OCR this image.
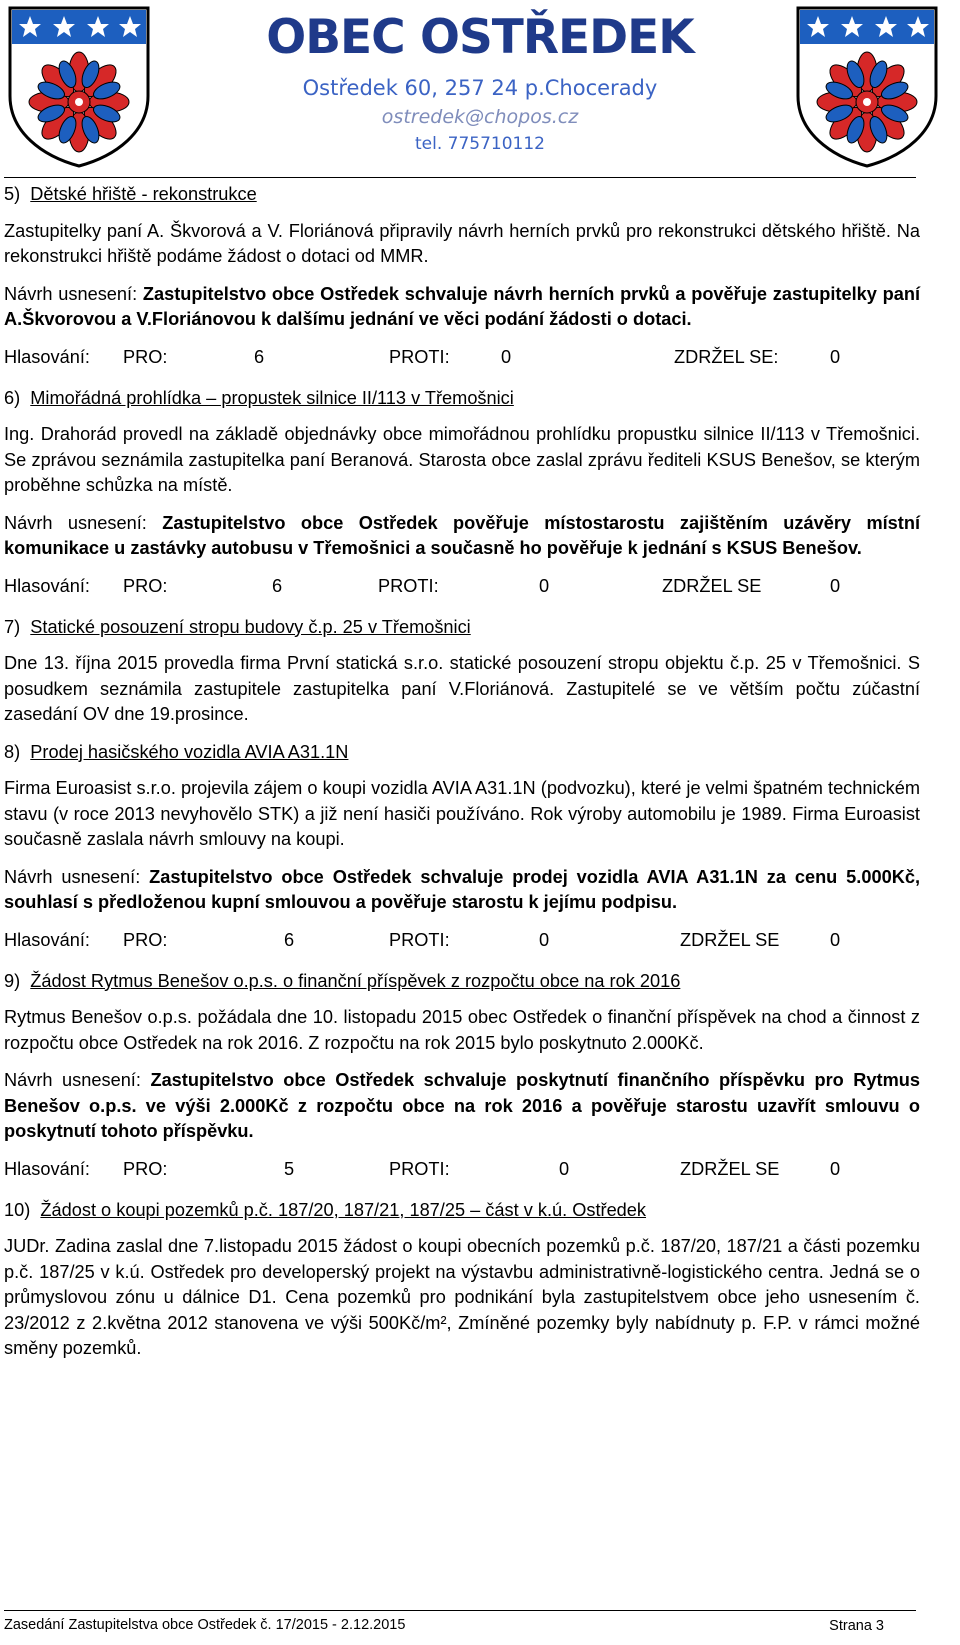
OBEC OSTŘEDEK
Ostředek 60, 257 24 p.Chocerady
ostredek@chopos.cz
tel. 775710112
5) Dětské hřiště - rekonstrukce

Zastupitelky paní A. Škvorová a V. Floriánová připravily návrh herních prvků pro rekonstrukci dětského hřiště. Na rekonstrukci hřiště podáme žádost o dotaci od MMR.

Návrh usnesení: Zastupitelstvo obce Ostředek schvaluje návrh herních prvků a pověřuje zastupitelky paní A.Škvorovou a V.Floriánovou k dalšímu jednání ve věci podání žádosti o dotaci.

Hlasování: PRO:	6	PROTI:	0	ZDRŽEL SE:	0
6) Mimořádná prohlídka – propustek silnice II/113 v Třemošnici

Ing. Drahorád provedl na základě objednávky obce mimořádnou prohlídku propustku silnice II/113 v Třemošnici. Se zprávou seznámila zastupitelka paní Beranová. Starosta obce zaslal zprávu řediteli KSUS Benešov, se kterým proběhne schůzka na místě.

Návrh usnesení: Zastupitelstvo obce Ostředek pověřuje místostarostu zajištěním uzávěry místní komunikace u zastávky autobusu v Třemošnici a současně ho pověřuje k jednání s KSUS Benešov.

Hlasování: PRO:	6	PROTI:	0	ZDRŽEL SE	0
7) Statické posouzení stropu budovy č.p. 25 v Třemošnici

Dne 13. října 2015 provedla firma První statická s.r.o. statické posouzení stropu objektu č.p. 25 v Třemošnici. S posudkem seznámila zastupitele zastupitelka paní V.Floriánová. Zastupitelé se ve větším počtu zúčastní zasedání OV dne 19.prosince.

8) Prodej hasičského vozidla AVIA A31.1N

Firma Euroasist s.r.o. projevila zájem o koupi vozidla AVIA A31.1N (podvozku), které je velmi špatném technickém stavu (v roce 2013 nevyhovělo STK) a již není hasiči používáno. Rok výroby automobilu je 1989. Firma Euroasist současně zaslala návrh smlouvy na koupi.

Návrh usnesení: Zastupitelstvo obce Ostředek schvaluje prodej vozidla AVIA A31.1N za cenu 5.000Kč, souhlasí s předloženou kupní smlouvou a pověřuje starostu k jejímu podpisu.

Hlasování: PRO:	6	PROTI:	0	ZDRŽEL SE	0
9) Žádost Rytmus Benešov o.p.s. o finanční příspěvek z rozpočtu obce na rok 2016

Rytmus Benešov o.p.s. požádala dne 10. listopadu 2015 obec Ostředek o finanční příspěvek na chod a činnost z rozpočtu obce Ostředek na rok 2016. Z rozpočtu na rok 2015 bylo poskytnuto 2.000Kč.

Návrh usnesení: Zastupitelstvo obce Ostředek schvaluje poskytnutí finančního příspěvku pro Rytmus Benešov o.p.s. ve výši 2.000Kč z rozpočtu obce na rok 2016 a pověřuje starostu uzavřít smlouvu o poskytnutí tohoto příspěvku.

Hlasování: PRO:	5	PROTI:	0	ZDRŽEL SE	0
10) Žádost o koupi pozemků p.č. 187/20, 187/21, 187/25 – část v k.ú. Ostředek

JUDr. Zadina zaslal dne 7.listopadu 2015 žádost o koupi obecních pozemků p.č. 187/20, 187/21 a části pozemku p.č. 187/25 v k.ú. Ostředek pro developerský projekt na výstavbu administrativně-logistického centra. Jedná se o průmyslovou zónu u dálnice D1. Cena pozemků pro podnikání byla zastupitelstvem obce jeho usnesením č. 23/2012 z 2.května 2012 stanovena ve výši 500Kč/m², Zmíněné pozemky byly nabídnuty p. F.P. v rámci možné směny pozemků.

Zasedání Zastupitelstva obce Ostředek č. 17/2015 - 2.12.2015	Strana 3
